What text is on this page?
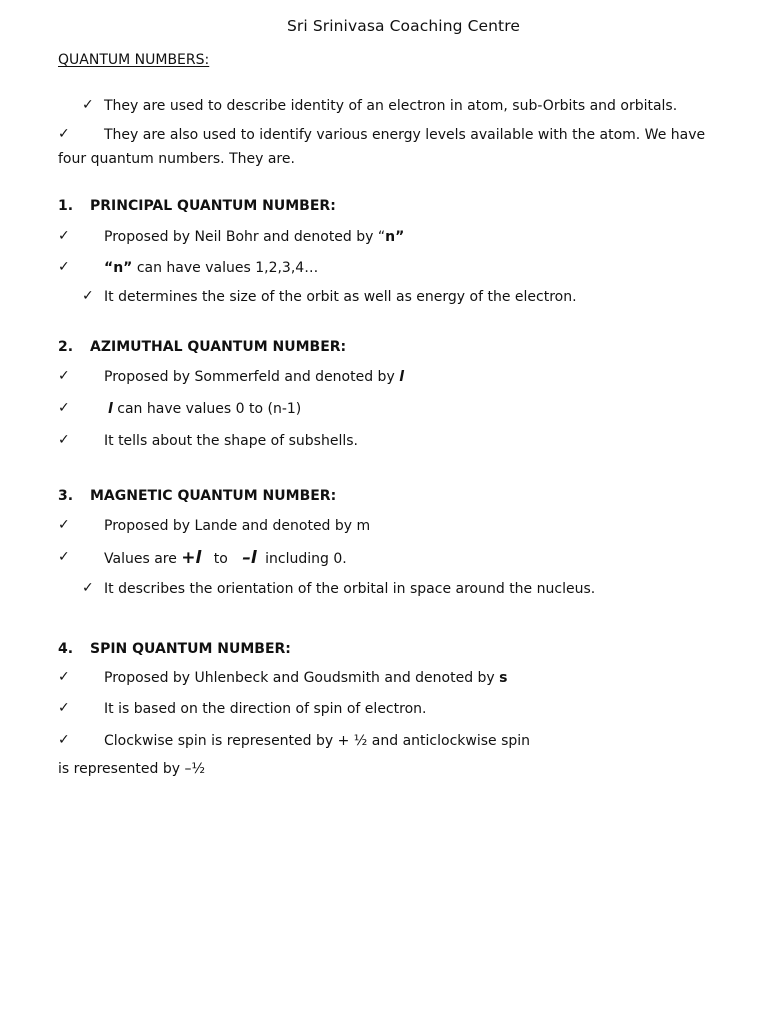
Sri Srinivasa Coaching Centre
QUANTUM NUMBERS:
✓ They are used to describe identity of an electron in atom, sub-Orbits and orbitals.
✓ They are also used to identify various energy levels available with the atom. We have
four quantum numbers. They are.
1. PRINCIPAL QUANTUM NUMBER:
✓ Proposed by Neil Bohr and denoted by “n”
✓ “n” can have values 1,2,3,4…
✓ It determines the size of the orbit as well as energy of the electron.
2. AZIMUTHAL QUANTUM NUMBER:
✓ Proposed by Sommerfeld and denoted by l
✓	l can have values 0 to (n-1)
✓ It tells about the shape of subshells.
3. MAGNETIC QUANTUM NUMBER:
✓ Proposed by Lande and denoted by m
✓ Values are +l to –l including 0.
✓ It describes the orientation of the orbital in space around the nucleus.
4. SPIN QUANTUM NUMBER:
✓ Proposed by Uhlenbeck and Goudsmith and denoted by s
✓ It is based on the direction of spin of electron.
✓ Clockwise spin is represented by + ½ and anticlockwise spin
is represented by –½
